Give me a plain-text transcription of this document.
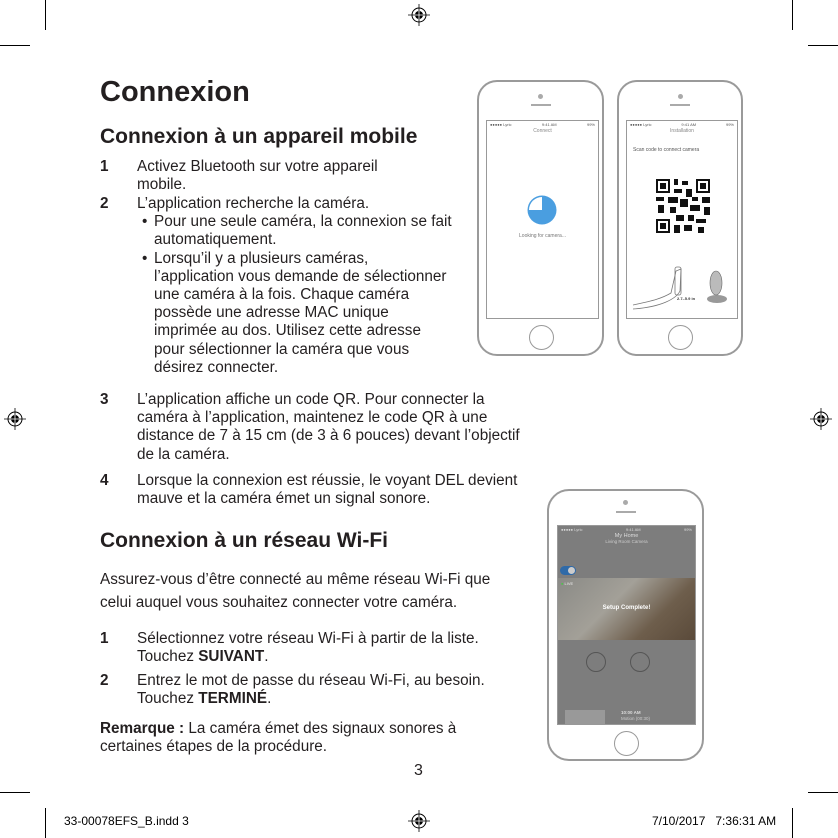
Connexion
Connexion à un appareil mobile
1	Activez Bluetooth sur votre appareil mobile.
2	L’application recherche la caméra.
• Pour une seule caméra, la connexion se fait automatiquement.
• Lorsqu’il y a plusieurs caméras, l’application vous demande de sélectionner une caméra à la fois. Chaque caméra possède une adresse MAC unique imprimée au dos. Utilisez cette adresse pour sélectionner la caméra que vous désirez connecter.
3	L’application affiche un code QR. Pour connecter la caméra à l’application, maintenez le code QR à une distance de 7 à 15 cm (de 3 à 6 pouces) devant l’objectif de la caméra.
4	Lorsque la connexion est réussie, le voyant DEL devient mauve et la caméra émet un signal sonore.
Connexion à un réseau Wi-Fi
Assurez-vous d’être connecté au même réseau Wi-Fi que celui auquel vous souhaitez connecter votre caméra.
1	Sélectionnez votre réseau Wi-Fi à partir de la liste. Touchez SUIVANT.
2	Entrez le mot de passe du réseau Wi-Fi, au besoin. Touchez TERMINÉ.
Remarque : La caméra émet des signaux sonores à certaines étapes de la procédure.
3
●●●●● Lyric	9:41 AM	99%
Connect
Looking for camera...
●●●●● Lyric	9:41 AM	99%
Installation
Scan code to connect camera
2.7–5.9 in
●●●●● Lyric	9:41 AM	99%
My Home
Living Room Camera
● LIVE
Setup Complete!
10:00 AM
Motion (00:30)
33-00078EFS_B.indd 3	7/10/2017   7:36:31 AM
